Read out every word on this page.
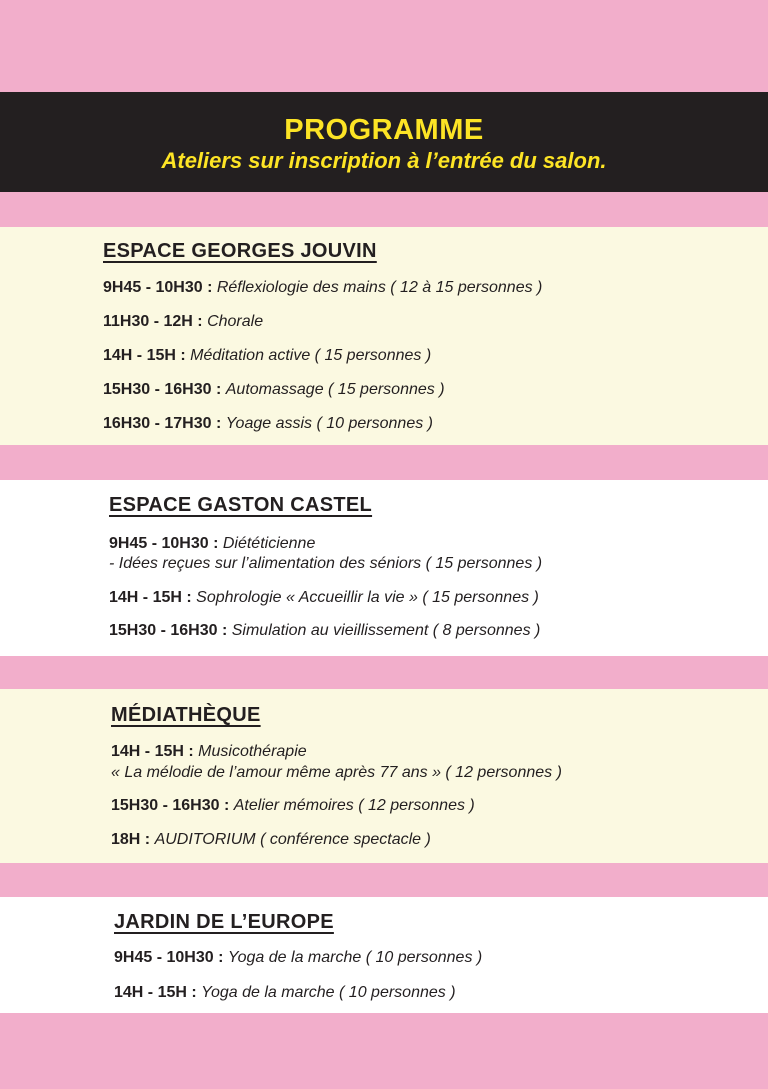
PROGRAMME
Ateliers sur inscription à l’entrée du salon.
ESPACE GEORGES JOUVIN
9H45 - 10H30 : Réflexiologie des mains ( 12 à 15 personnes )
11H30 - 12H : Chorale
14H - 15H : Méditation active ( 15 personnes )
15H30 - 16H30 : Automassage ( 15 personnes )
16H30 - 17H30 : Yoage assis ( 10 personnes )
ESPACE GASTON CASTEL
9H45 - 10H30 : Diététicienne
- Idées reçues sur l’alimentation des séniors ( 15 personnes )
14H - 15H : Sophrologie « Accueillir la vie » ( 15 personnes )
15H30 - 16H30 : Simulation au vieillissement ( 8 personnes )
MÉDIATHÈQUE
14H - 15H : Musicothérapie
« La mélodie de l’amour même après 77 ans » ( 12 personnes )
15H30 - 16H30 : Atelier mémoires ( 12 personnes )
18H : AUDITORIUM ( conférence spectacle )
JARDIN DE L’EUROPE
9H45 - 10H30 : Yoga de la marche ( 10 personnes )
14H - 15H : Yoga de la marche ( 10 personnes )
